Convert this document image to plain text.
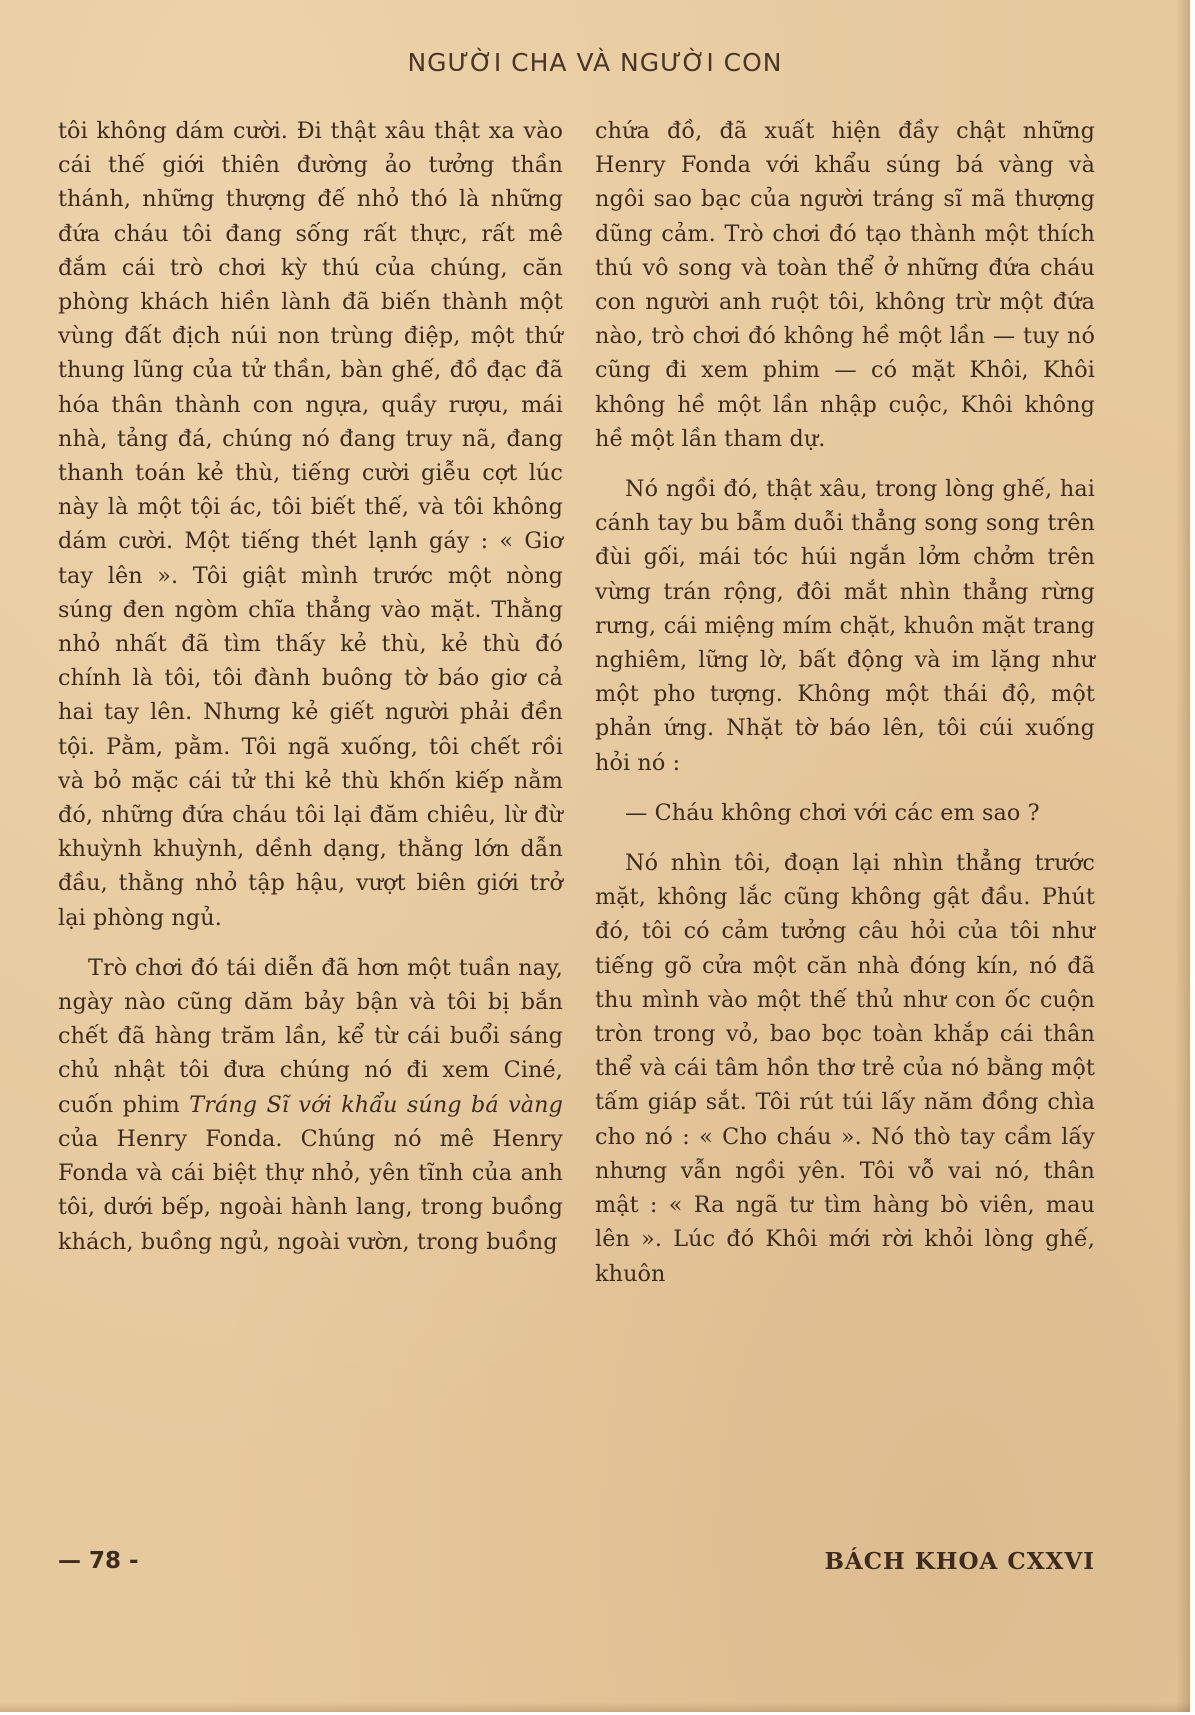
NGƯỜI CHA VÀ NGƯỜI CON

tôi không dám cười. Đi thật xâu thật xa vào cái thế giới thiên đường ảo tưởng thần thánh, những thượng đế nhỏ thó là những đứa cháu tôi đang sống rất thực, rất mê đắm cái trò chơi kỳ thú của chúng, căn phòng khách hiền lành đã biến thành một vùng đất địch núi non trùng điệp, một thứ thung lũng của tử thần, bàn ghế, đồ đạc đã hóa thân thành con ngựa, quầy rượu, mái nhà, tảng đá, chúng nó đang truy nã, đang thanh toán kẻ thù, tiếng cười giễu cợt lúc này là một tội ác, tôi biết thế, và tôi không dám cười. Một tiếng thét lạnh gáy : « Giơ tay lên ». Tôi giật mình trước một nòng súng đen ngòm chĩa thẳng vào mặt. Thằng nhỏ nhất đã tìm thấy kẻ thù, kẻ thù đó chính là tôi, tôi đành buông tờ báo giơ cả hai tay lên. Nhưng kẻ giết người phải đền tội. Pằm, pằm. Tôi ngã xuống, tôi chết rồi và bỏ mặc cái tử thi kẻ thù khốn kiếp nằm đó, những đứa cháu tôi lại đăm chiêu, lừ đừ khuỳnh khuỳnh, dềnh dạng, thằng lớn dẫn đầu, thằng nhỏ tập hậu, vượt biên giới trở lại phòng ngủ.

Trò chơi đó tái diễn đã hơn một tuần nay, ngày nào cũng dăm bảy bận và tôi bị bắn chết đã hàng trăm lần, kể từ cái buổi sáng chủ nhật tôi đưa chúng nó đi xem Ciné, cuốn phim Tráng Sĩ với khẩu súng bá vàng của Henry Fonda. Chúng nó mê Henry Fonda và cái biệt thự nhỏ, yên tĩnh của anh tôi, dưới bếp, ngoài hành lang, trong buồng khách, buồng ngủ, ngoài vườn, trong buồng

chứa đồ, đã xuất hiện đầy chật những Henry Fonda với khẩu súng bá vàng và ngôi sao bạc của người tráng sĩ mã thượng dũng cảm. Trò chơi đó tạo thành một thích thú vô song và toàn thể ở những đứa cháu con người anh ruột tôi, không trừ một đứa nào, trò chơi đó không hề một lần — tuy nó cũng đi xem phim — có mặt Khôi, Khôi không hề một lần nhập cuộc, Khôi không hề một lần tham dự.

Nó ngồi đó, thật xâu, trong lòng ghế, hai cánh tay bu bẫm duỗi thẳng song song trên đùi gối, mái tóc húi ngắn lởm chởm trên vừng trán rộng, đôi mắt nhìn thẳng rừng rưng, cái miệng mím chặt, khuôn mặt trang nghiêm, lững lờ, bất động và im lặng như một pho tượng. Không một thái độ, một phản ứng. Nhặt tờ báo lên, tôi cúi xuống hỏi nó :

— Cháu không chơi với các em sao ?

Nó nhìn tôi, đoạn lại nhìn thẳng trước mặt, không lắc cũng không gật đầu. Phút đó, tôi có cảm tưởng câu hỏi của tôi như tiếng gõ cửa một căn nhà đóng kín, nó đã thu mình vào một thế thủ như con ốc cuộn tròn trong vỏ, bao bọc toàn khắp cái thân thể và cái tâm hồn thơ trẻ của nó bằng một tấm giáp sắt. Tôi rút túi lấy năm đồng chìa cho nó : « Cho cháu ». Nó thò tay cầm lấy nhưng vẫn ngồi yên. Tôi vỗ vai nó, thân mật : « Ra ngã tư tìm hàng bò viên, mau lên ». Lúc đó Khôi mới rời khỏi lòng ghế, khuôn

— 78 -	BÁCH KHOA CXXVI
